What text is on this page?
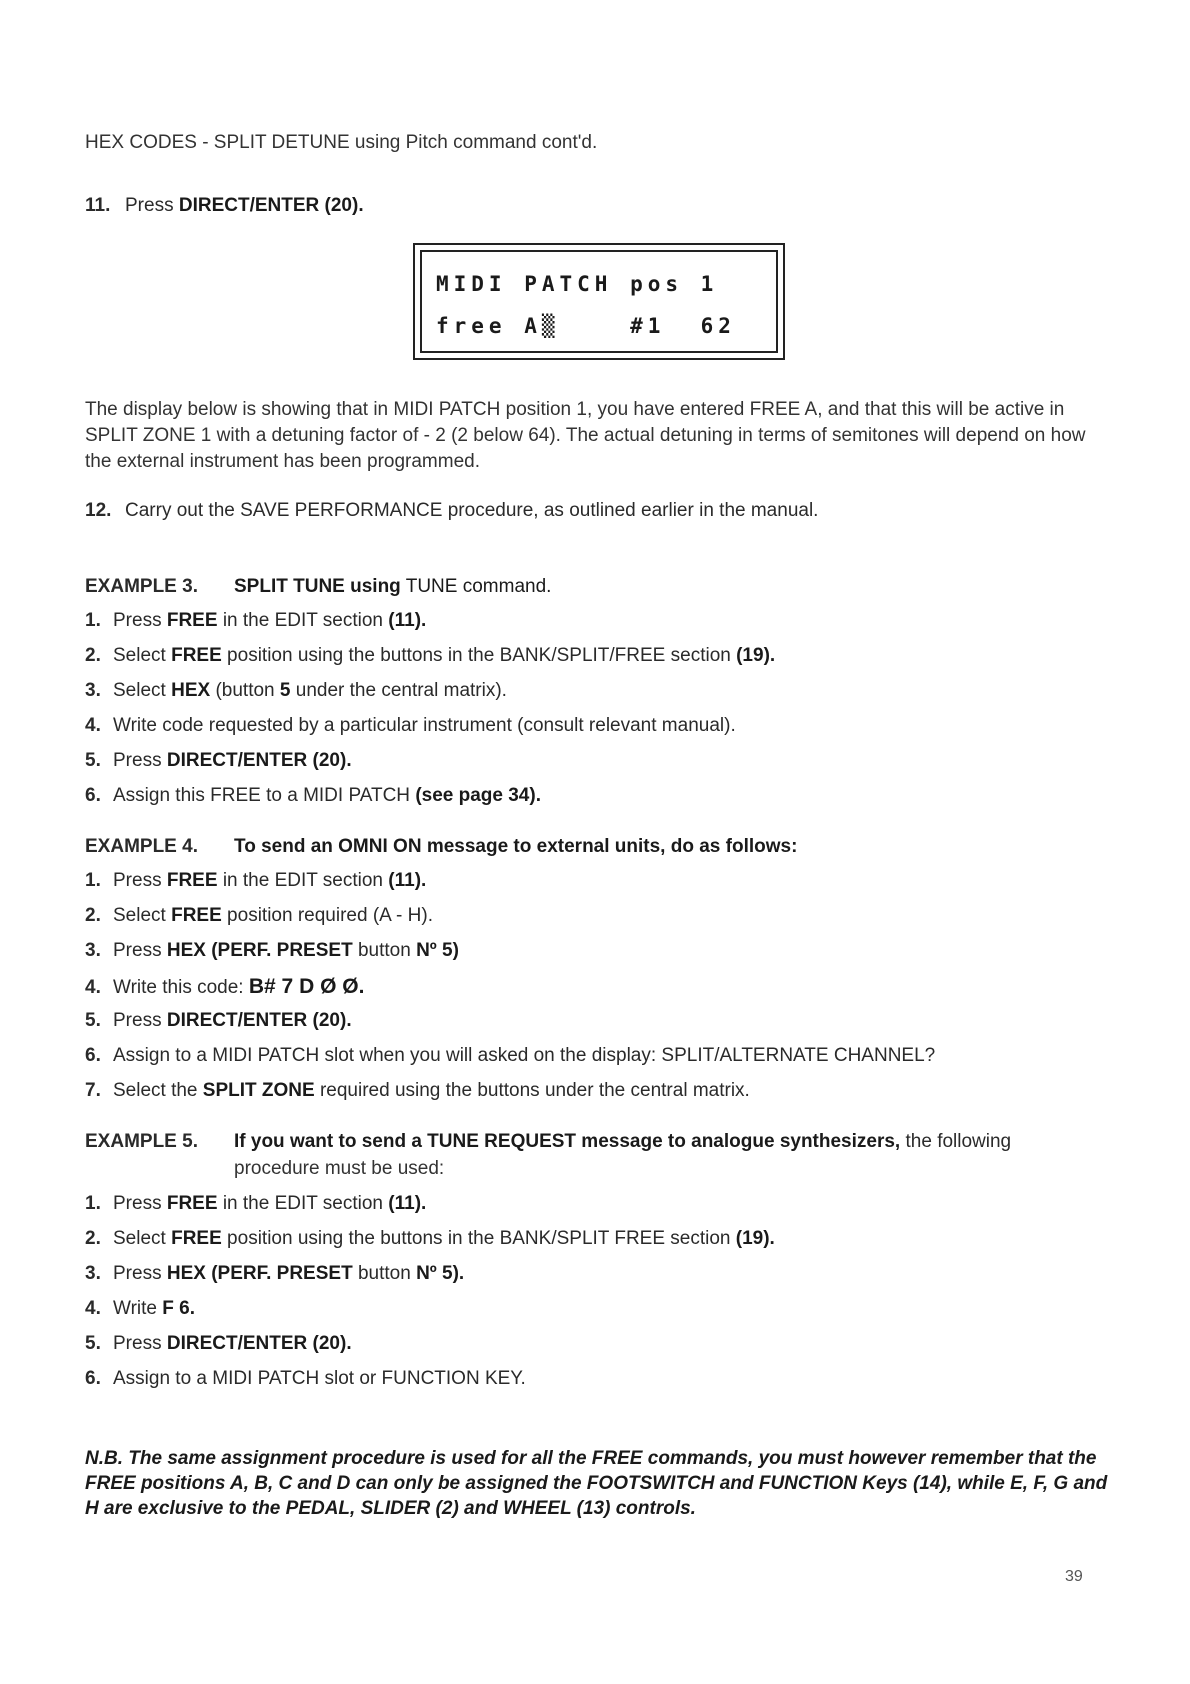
HEX CODES - SPLIT DETUNE using Pitch command cont'd.
11. Press DIRECT/ENTER (20).
MIDI PATCH pos 1
free A▒    #1  62
The display below is showing that in MIDI PATCH position 1, you have entered FREE A, and that this will be active in SPLIT ZONE 1 with a detuning factor of - 2 (2 below 64). The actual detuning in terms of semitones will depend on how the external instrument has been programmed.
12. Carry out the SAVE PERFORMANCE procedure, as outlined earlier in the manual.
EXAMPLE 3. SPLIT TUNE using TUNE command.
1. Press FREE in the EDIT section (11).
2. Select FREE position using the buttons in the BANK/SPLIT/FREE section (19).
3. Select HEX (button 5 under the central matrix).
4. Write code requested by a particular instrument (consult relevant manual).
5. Press DIRECT/ENTER (20).
6. Assign this FREE to a MIDI PATCH (see page 34).
EXAMPLE 4. To send an OMNI ON message to external units, do as follows:
1. Press FREE in the EDIT section (11).
2. Select FREE position required (A - H).
3. Press HEX (PERF. PRESET button Nº 5)
4. Write this code: B# 7 D Ø Ø.
5. Press DIRECT/ENTER (20).
6. Assign to a MIDI PATCH slot when you will asked on the display: SPLIT/ALTERNATE CHANNEL?
7. Select the SPLIT ZONE required using the buttons under the central matrix.
EXAMPLE 5. If you want to send a TUNE REQUEST message to analogue synthesizers, the following
procedure must be used:
1. Press FREE in the EDIT section (11).
2. Select FREE position using the buttons in the BANK/SPLIT FREE section (19).
3. Press HEX (PERF. PRESET button Nº 5).
4. Write F 6.
5. Press DIRECT/ENTER (20).
6. Assign to a MIDI PATCH slot or FUNCTION KEY.
N.B. The same assignment procedure is used for all the FREE commands, you must however remember that the FREE positions A, B, C and D can only be assigned the FOOTSWITCH and FUNCTION Keys (14), while E, F, G and H are exclusive to the PEDAL, SLIDER (2) and WHEEL (13) controls.
39
